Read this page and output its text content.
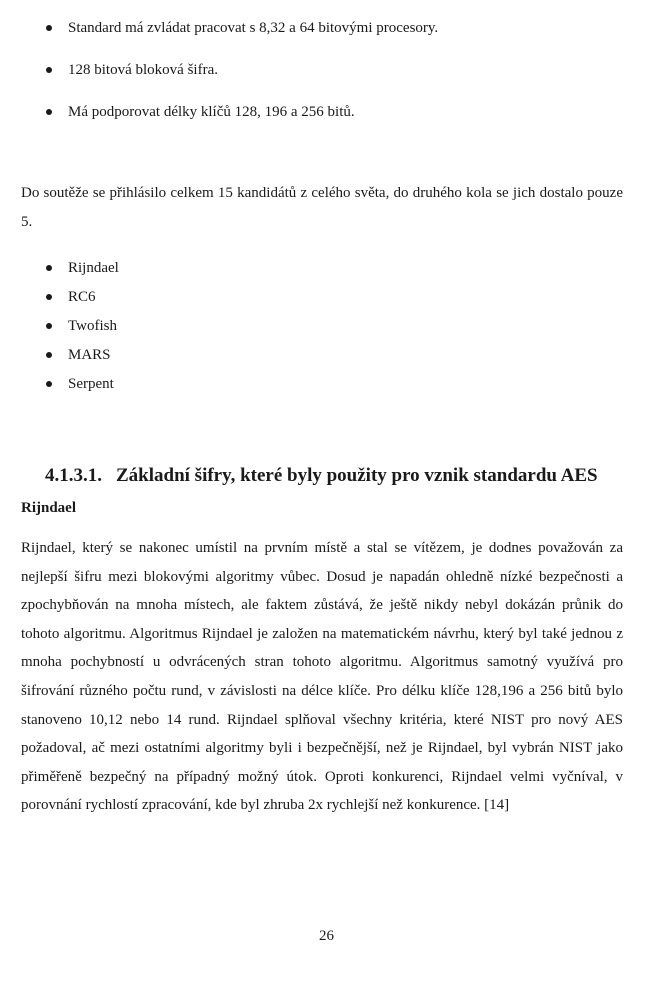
Standard má zvládat pracovat s 8,32 a 64 bitovými procesory.
128 bitová bloková šifra.
Má podporovat délky klíčů 128, 196 a 256 bitů.

Do soutěže se přihlásilo celkem 15 kandidátů z celého světa, do druhého kola se jich dostalo pouze 5.

Rijndael
RC6
Twofish
MARS
Serpent
4.1.3.1. Základní šifry, které byly použity pro vznik standardu AES
Rijndael

Rijndael, který se nakonec umístil na prvním místě a stal se vítězem, je dodnes považován za nejlepší šifru mezi blokovými algoritmy vůbec. Dosud je napadán ohledně nízké bezpečnosti a zpochybňován na mnoha místech, ale faktem zůstává, že ještě nikdy nebyl dokázán průnik do tohoto algoritmu. Algoritmus Rijndael je založen na matematickém návrhu, který byl také jednou z mnoha pochybností u odvrácených stran tohoto algoritmu. Algoritmus samotný využívá pro šifrování různého počtu rund, v závislosti na délce klíče. Pro délku klíče 128,196 a 256 bitů bylo stanoveno 10,12 nebo 14 rund. Rijndael splňoval všechny kritéria, které NIST pro nový AES požadoval, ač mezi ostatními algoritmy byli i bezpečnější, než je Rijndael, byl vybrán NIST jako přiměřeně bezpečný na případný možný útok. Oproti konkurenci, Rijndael velmi vyčníval, v porovnání rychlostí zpracování, kde byl zhruba 2x rychlejší než konkurence. [14]

26
